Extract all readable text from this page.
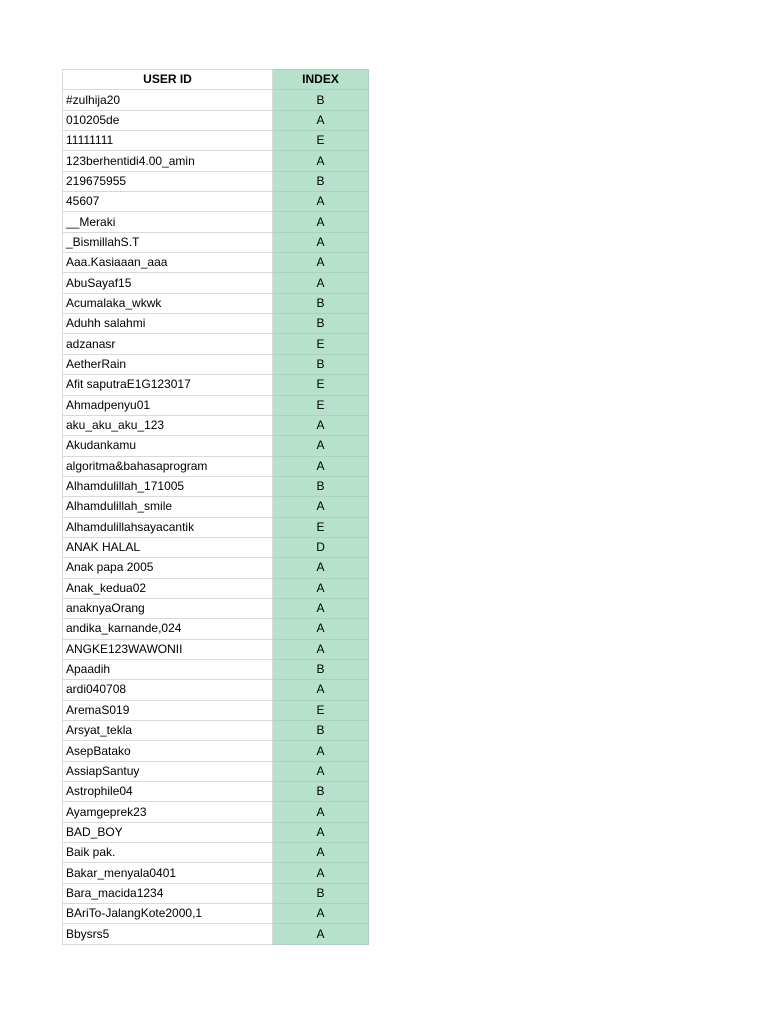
USER ID	INDEX
#zulhija20	B
010205de	A
11111111	E
123berhentidi4.00_amin	A
219675955	B
45607	A
__Meraki	A
_BismillahS.T	A
Aaa.Kasiaaan_aaa	A
AbuSayaf15	A
Acumalaka_wkwk	B
Aduhh salahmi	B
adzanasr	E
AetherRain	B
Afit saputraE1G123017	E
Ahmadpenyu01	E
aku_aku_aku_123	A
Akudankamu	A
algoritma&bahasaprogram	A
Alhamdulillah_171005	B
Alhamdulillah_smile	A
Alhamdulillahsayacantik	E
ANAK HALAL	D
Anak papa 2005	A
Anak_kedua02	A
anaknyaOrang	A
andika_karnande,024	A
ANGKE123WAWONII	A
Apaadih	B
ardi040708	A
AremaS019	E
Arsyat_tekla	B
AsepBatako	A
AssiapSantuy	A
Astrophile04	B
Ayamgeprek23	A
BAD_BOY	A
Baik pak.	A
Bakar_menyala0401	A
Bara_macida1234	B
BAriTo-JalangKote2000,1	A
Bbysrs5	A
